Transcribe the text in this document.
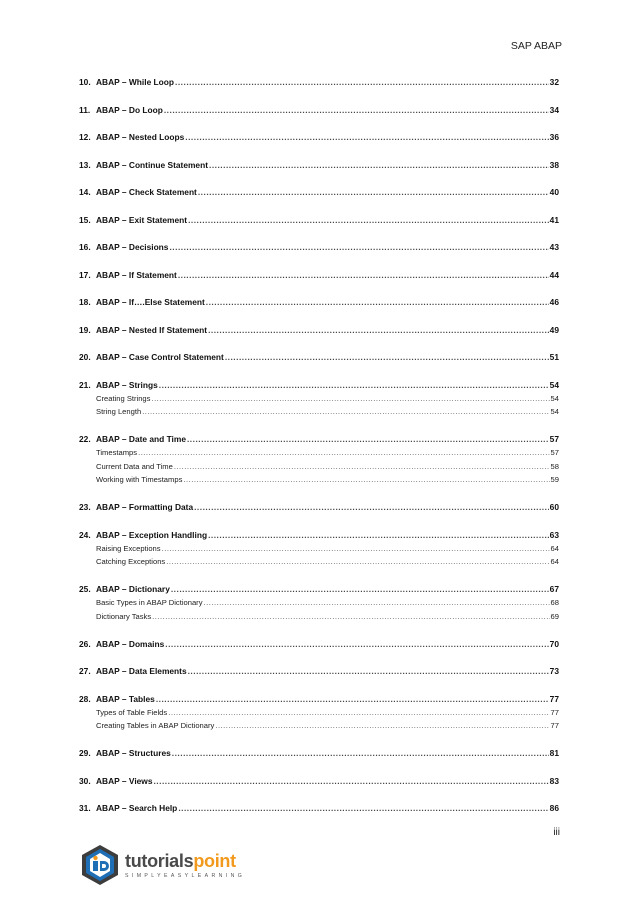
SAP ABAP
10. ABAP – While Loop .....	32
11. ABAP – Do Loop .....	34
12. ABAP – Nested Loops .....	36
13. ABAP – Continue Statement .....	38
14. ABAP – Check Statement .....	40
15. ABAP – Exit Statement .....	41
16. ABAP – Decisions .....	43
17. ABAP – If Statement .....	44
18. ABAP – If….Else Statement .....	46
19. ABAP – Nested If Statement .....	49
20. ABAP – Case Control Statement .....	51
21. ABAP – Strings .....	54
Creating Strings .....	54
String Length .....	54
22. ABAP – Date and Time .....	57
Timestamps .....	57
Current Data and Time .....	58
Working with Timestamps .....	59
23. ABAP – Formatting Data .....	60
24. ABAP – Exception Handling .....	63
Raising Exceptions .....	64
Catching Exceptions .....	64
25. ABAP – Dictionary .....	67
Basic Types in ABAP Dictionary .....	68
Dictionary Tasks .....	69
26. ABAP – Domains .....	70
27. ABAP – Data Elements .....	73
28. ABAP – Tables .....	77
Types of Table Fields .....	77
Creating Tables in ABAP Dictionary .....	77
29. ABAP – Structures .....	81
30. ABAP – Views .....	83
31. ABAP – Search Help .....	86
iii
tutorialspoint
SIMPLYEASYLEARNING
